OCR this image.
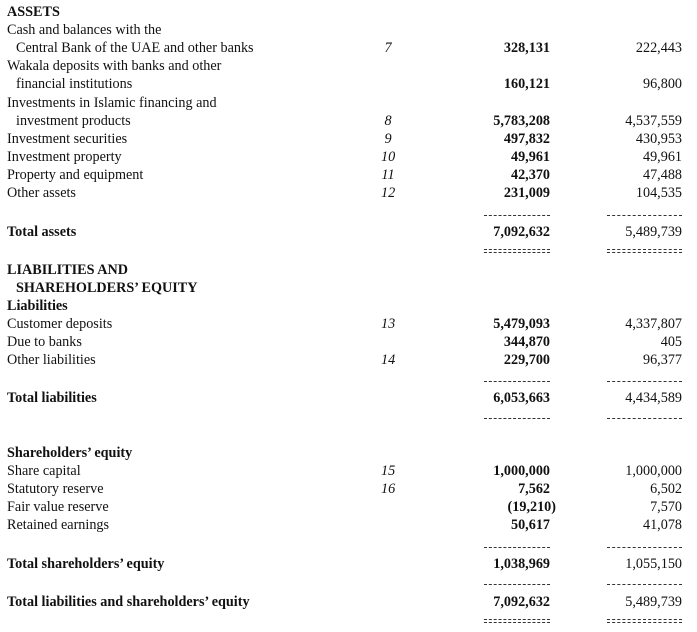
ASSETS
Cash and balances with the
Central Bank of the UAE and other banks	7	328,131	222,443
Wakala deposits with banks and other
financial institutions	160,121	96,800
Investments in Islamic financing and
investment products	8	5,783,208	4,537,559
Investment securities	9	497,832	430,953
Investment property	10	49,961	49,961
Property and equipment	11	42,370	47,488
Other assets	12	231,009	104,535
Total assets	7,092,632	5,489,739
LIABILITIES AND
SHAREHOLDERS’ EQUITY
Liabilities
Customer deposits	13	5,479,093	4,337,807
Due to banks	344,870	405
Other liabilities	14	229,700	96,377
Total liabilities	6,053,663	4,434,589
Shareholders’ equity
Share capital	15	1,000,000	1,000,000
Statutory reserve	16	7,562	6,502
Fair value reserve	(19,210)	7,570
Retained earnings	50,617	41,078
Total shareholders’ equity	1,038,969	1,055,150
Total liabilities and shareholders’ equity	7,092,632	5,489,739
